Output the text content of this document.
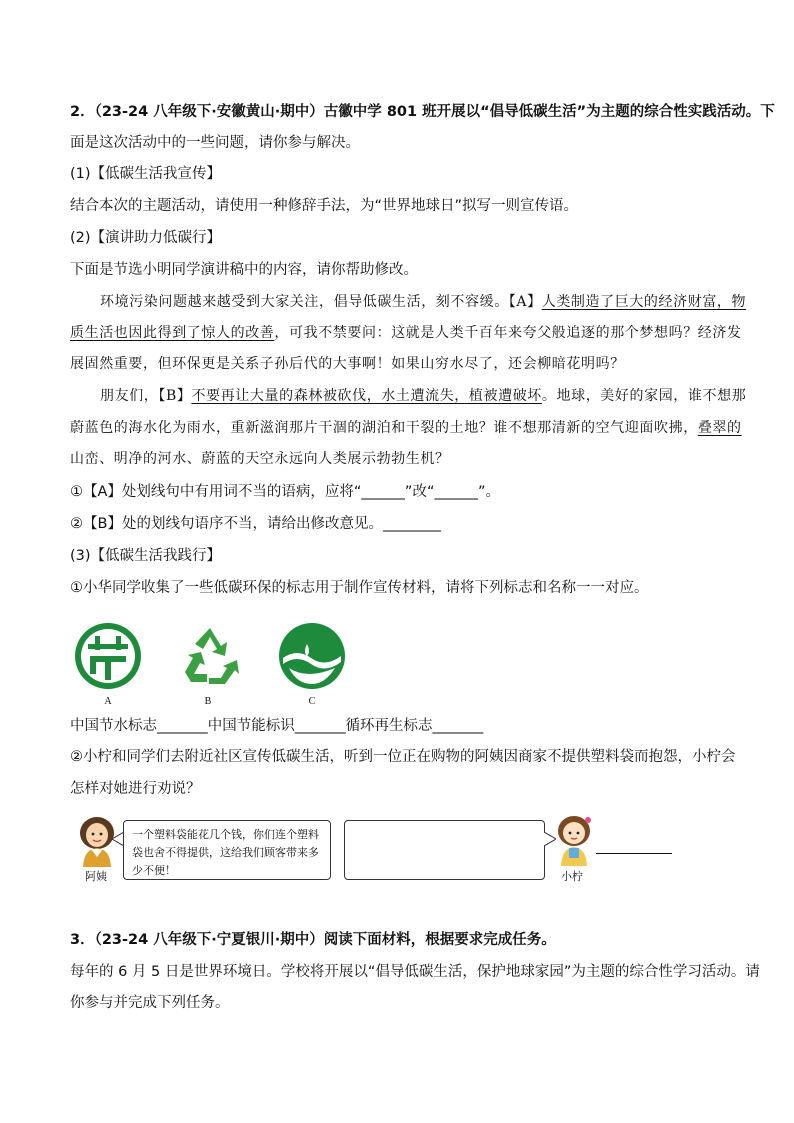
2．（23-24 八年级下·安徽黄山·期中）古徽中学 801 班开展以“倡导低碳生活”为主题的综合性实践活动。下
面是这次活动中的一些问题，请你参与解决。
(1)【低碳生活我宣传】
结合本次的主题活动，请使用一种修辞手法，为“世界地球日”拟写一则宣传语。
(2)【演讲助力低碳行】
下面是节选小明同学演讲稿中的内容，请你帮助修改。
环境污染问题越来越受到大家关注，倡导低碳生活，刻不容缓。【A】人类制造了巨大的经济财富，物
质生活也因此得到了惊人的改善，可我不禁要问：这就是人类千百年来夸父般追逐的那个梦想吗？经济发
展固然重要，但环保更是关系子孙后代的大事啊！如果山穷水尽了，还会柳暗花明吗？
朋友们，【B】不要再让大量的森林被砍伐，水土遭流失，植被遭破坏。地球，美好的家园，谁不想那
蔚蓝色的海水化为雨水，重新滋润那片干涸的湖泊和干裂的土地？谁不想那清新的空气迎面吹拂，叠翠的
山峦、明净的河水、蔚蓝的天空永远向人类展示勃勃生机？
①【A】处划线句中有用词不当的语病，应将“______”改“______”。
②【B】处的划线句语序不当，请给出修改意见。________
(3)【低碳生活我践行】
①小华同学收集了一些低碳环保的标志用于制作宣传材料，请将下列标志和名称一一对应。
A	B	C
中国节水标志_______中国节能标识_______循环再生标志_______
②小柠和同学们去附近社区宣传低碳生活，听到一位正在购物的阿姨因商家不提供塑料袋而抱怨，小柠会
怎样对她进行劝说？
阿姨
一个塑料袋能花几个钱，你们连个塑料袋也舍不得提供，这给我们顾客带来多少不便！	小柠
3．（23-24 八年级下·宁夏银川·期中）阅读下面材料，根据要求完成任务。
每年的 6 月 5 日是世界环境日。学校将开展以“倡导低碳生活，保护地球家园”为主题的综合性学习活动。请
你参与并完成下列任务。
